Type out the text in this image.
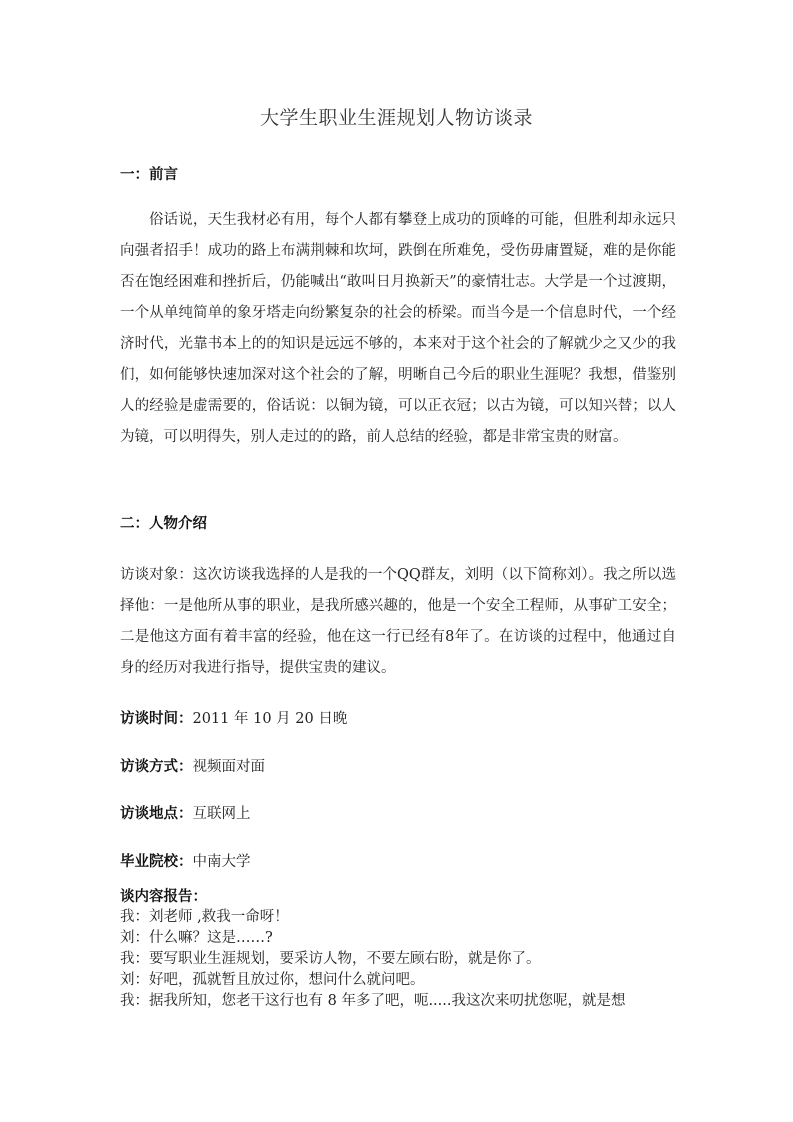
大学生职业生涯规划人物访谈录
一：前言
俗话说，天生我材必有用，每个人都有攀登上成功的顶峰的可能，但胜利却永远只向强者招手！成功的路上布满荆棘和坎坷，跌倒在所难免，受伤毋庸置疑，难的是你能否在饱经困难和挫折后，仍能喊出“敢叫日月换新天”的豪情壮志。大学是一个过渡期，一个从单纯简单的象牙塔走向纷繁复杂的社会的桥梁。而当今是一个信息时代，一个经济时代，光靠书本上的的知识是远远不够的，本来对于这个社会的了解就少之又少的我们，如何能够快速加深对这个社会的了解，明晰自己今后的职业生涯呢？我想，借鉴别人的经验是虚需要的，俗话说：以铜为镜，可以正衣冠；以古为镜，可以知兴替；以人为镜，可以明得失，别人走过的的路，前人总结的经验，都是非常宝贵的财富。
二：人物介绍
访谈对象：这次访谈我选择的人是我的一个QQ群友，刘明（以下简称刘）。我之所以选择他：一是他所从事的职业，是我所感兴趣的，他是一个安全工程师，从事矿工安全；二是他这方面有着丰富的经验，他在这一行已经有8年了。在访谈的过程中，他通过自身的经历对我进行指导，提供宝贵的建议。
访谈时间：2011 年 10 月 20 日晚
访谈方式：视频面对面
访谈地点：互联网上
毕业院校：中南大学
谈内容报告：
我：刘老师 ,救我一命呀！
刘：什么嘛？这是……?
我：要写职业生涯规划，要采访人物，不要左顾右盼，就是你了。
刘：好吧，孤就暂且放过你，想问什么就问吧。
我：据我所知，您老干这行也有 8 年多了吧，呃.....我这次来叨扰您呢，就是想
